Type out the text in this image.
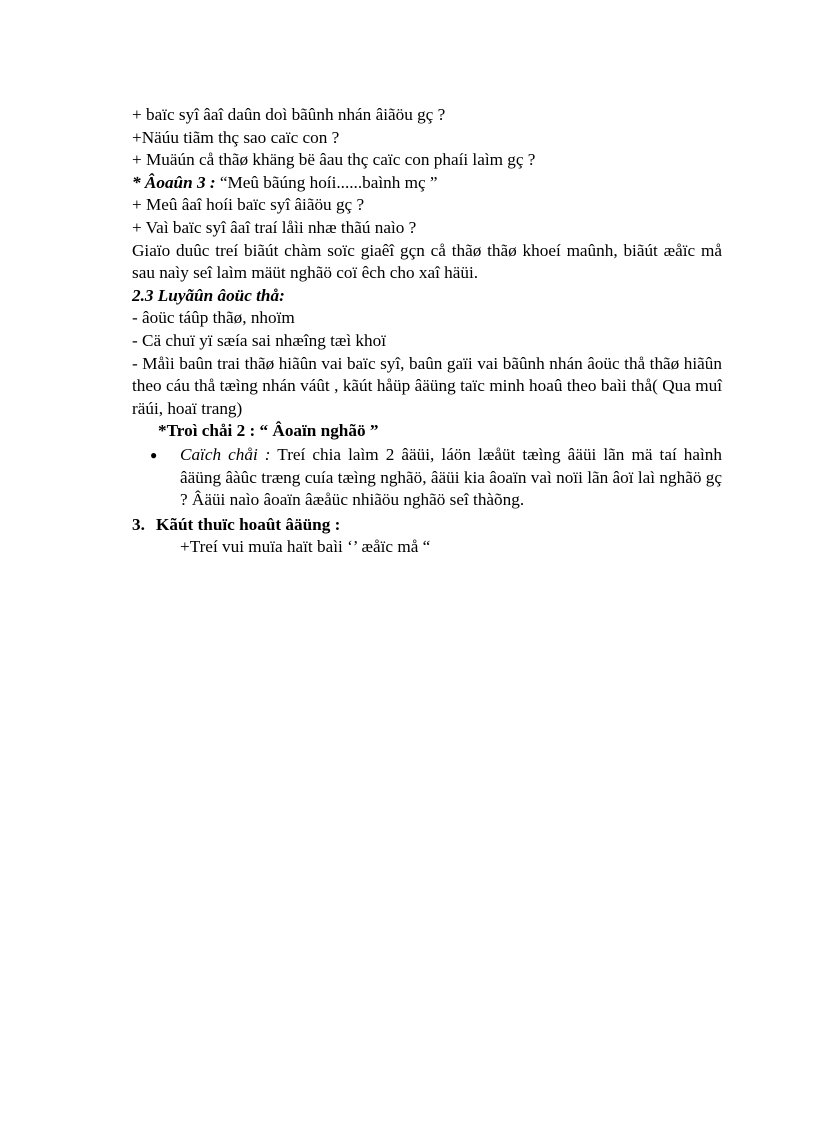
+ baïc syî âaî daûn doì bãûnh nhán âiãöu gç ?
+Näúu tiãm thç sao caïc con ?
+ Muäún cå thãø khäng bë âau thç caïc con phaíi laìm gç ?
* Âoaûn 3 : “Meû bãúng hoíi......baình mç ”
+ Meû âaî hoíi baïc syî âiãöu gç ?
+ Vaì baïc syî âaî traí låìi nhæ thãú naìo ?
Giaïo duûc treí biãút chàm soïc giaêî gçn cå thãø thãø khoeí maûnh, biãút æåïc må sau naìy seî laìm mäüt nghãö coï êch cho xaî häüi.
2.3 Luyãûn âoüc thå:
- âoüc táûp thãø, nhoïm
- Cä chuï yï sæía sai nhæîng tæì khoï
- Måìi baûn trai thãø hiãûn vai baïc syî, baûn gaïi vai bãûnh nhán âoüc thå thãø hiãûn theo cáu thå tæìng nhán váût , kãút håüp âäüng taïc minh hoaû theo baìi thå( Qua muî räúi, hoaï trang)
*Troì chåi 2 : “ Âoaïn nghãö ”
●	Caïch chåi : Treí chia laìm 2 âäüi, láön læåüt tæìng âäüi lãn mä taí haình âäüng âàûc træng cuía tæìng nghãö, âäüi kia âoaïn vaì noïi lãn âoï laì nghãö gç ? Âäüi naìo âoaïn âæåüc nhiãöu nghãö seî thàõng.
3. Kãút thuïc hoaût âäüng :
+Treí vui muïa haït baìi ‘’ æåïc må “
